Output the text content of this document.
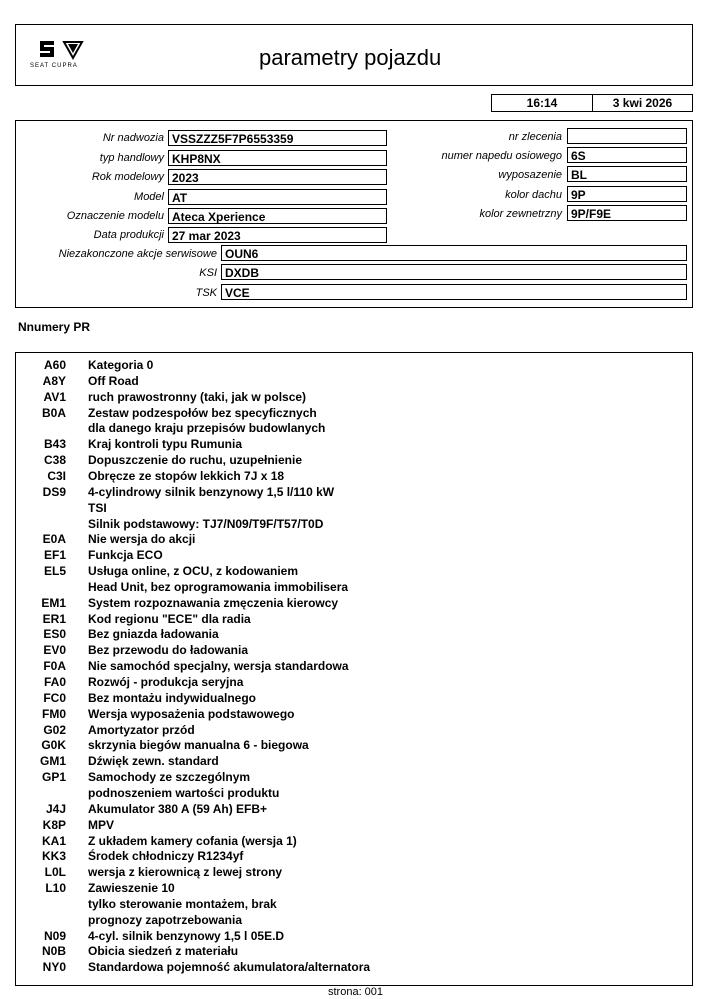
SEAT CUPRA	parametry pojazdu
16:14	3 kwi 2026
Nr nadwozia VSSZZZ5F7P6553359
typ handlowy KHP8NX
Rok modelowy 2023
Model AT
Oznaczenie modelu Ateca Xperience
Data produkcji 27 mar 2023
nr zlecenia
numer napedu osiowego 6S
wyposazenie BL
kolor dachu 9P
kolor zewnetrzny 9P/F9E
Niezakonczone akcje serwisowe OUN6
KSI DXDB
TSK VCE
Nnumery PR
A60 Kategoria 0
A8Y Off Road
AV1 ruch prawostronny (taki, jak w polsce)
B0A Zestaw podzespołów bez specyficznych
dla danego kraju przepisów budowlanych
B43 Kraj kontroli typu Rumunia
C38 Dopuszczenie do ruchu, uzupełnienie
C3I Obręcze ze stopów lekkich 7J x 18
DS9 4-cylindrowy silnik benzynowy 1,5 l/110 kW
TSI
Silnik podstawowy: TJ7/N09/T9F/T57/T0D
E0A Nie wersja do akcji
EF1 Funkcja ECO
EL5 Usługa online, z OCU, z kodowaniem
Head Unit, bez oprogramowania immobilisera
EM1 System rozpoznawania zmęczenia kierowcy
ER1 Kod regionu "ECE" dla radia
ES0 Bez gniazda ładowania
EV0 Bez przewodu do ładowania
F0A Nie samochód specjalny, wersja standardowa
FA0 Rozwój - produkcja seryjna
FC0 Bez montażu indywidualnego
FM0 Wersja wyposażenia podstawowego
G02 Amortyzator przód
G0K skrzynia biegów manualna 6 - biegowa
GM1 Dźwięk zewn. standard
GP1 Samochody ze szczególnym
podnoszeniem wartości produktu
J4J Akumulator 380 A (59 Ah) EFB+
K8P MPV
KA1 Z układem kamery cofania (wersja 1)
KK3 Środek chłodniczy R1234yf
L0L wersja z kierownicą z lewej strony
L10 Zawieszenie 10
tylko sterowanie montażem, brak
prognozy zapotrzebowania
N09 4-cyl. silnik benzynowy 1,5 l 05E.D
N0B Obicia siedzeń z materiału
NY0 Standardowa pojemność akumulatora/alternatora
strona: 001
